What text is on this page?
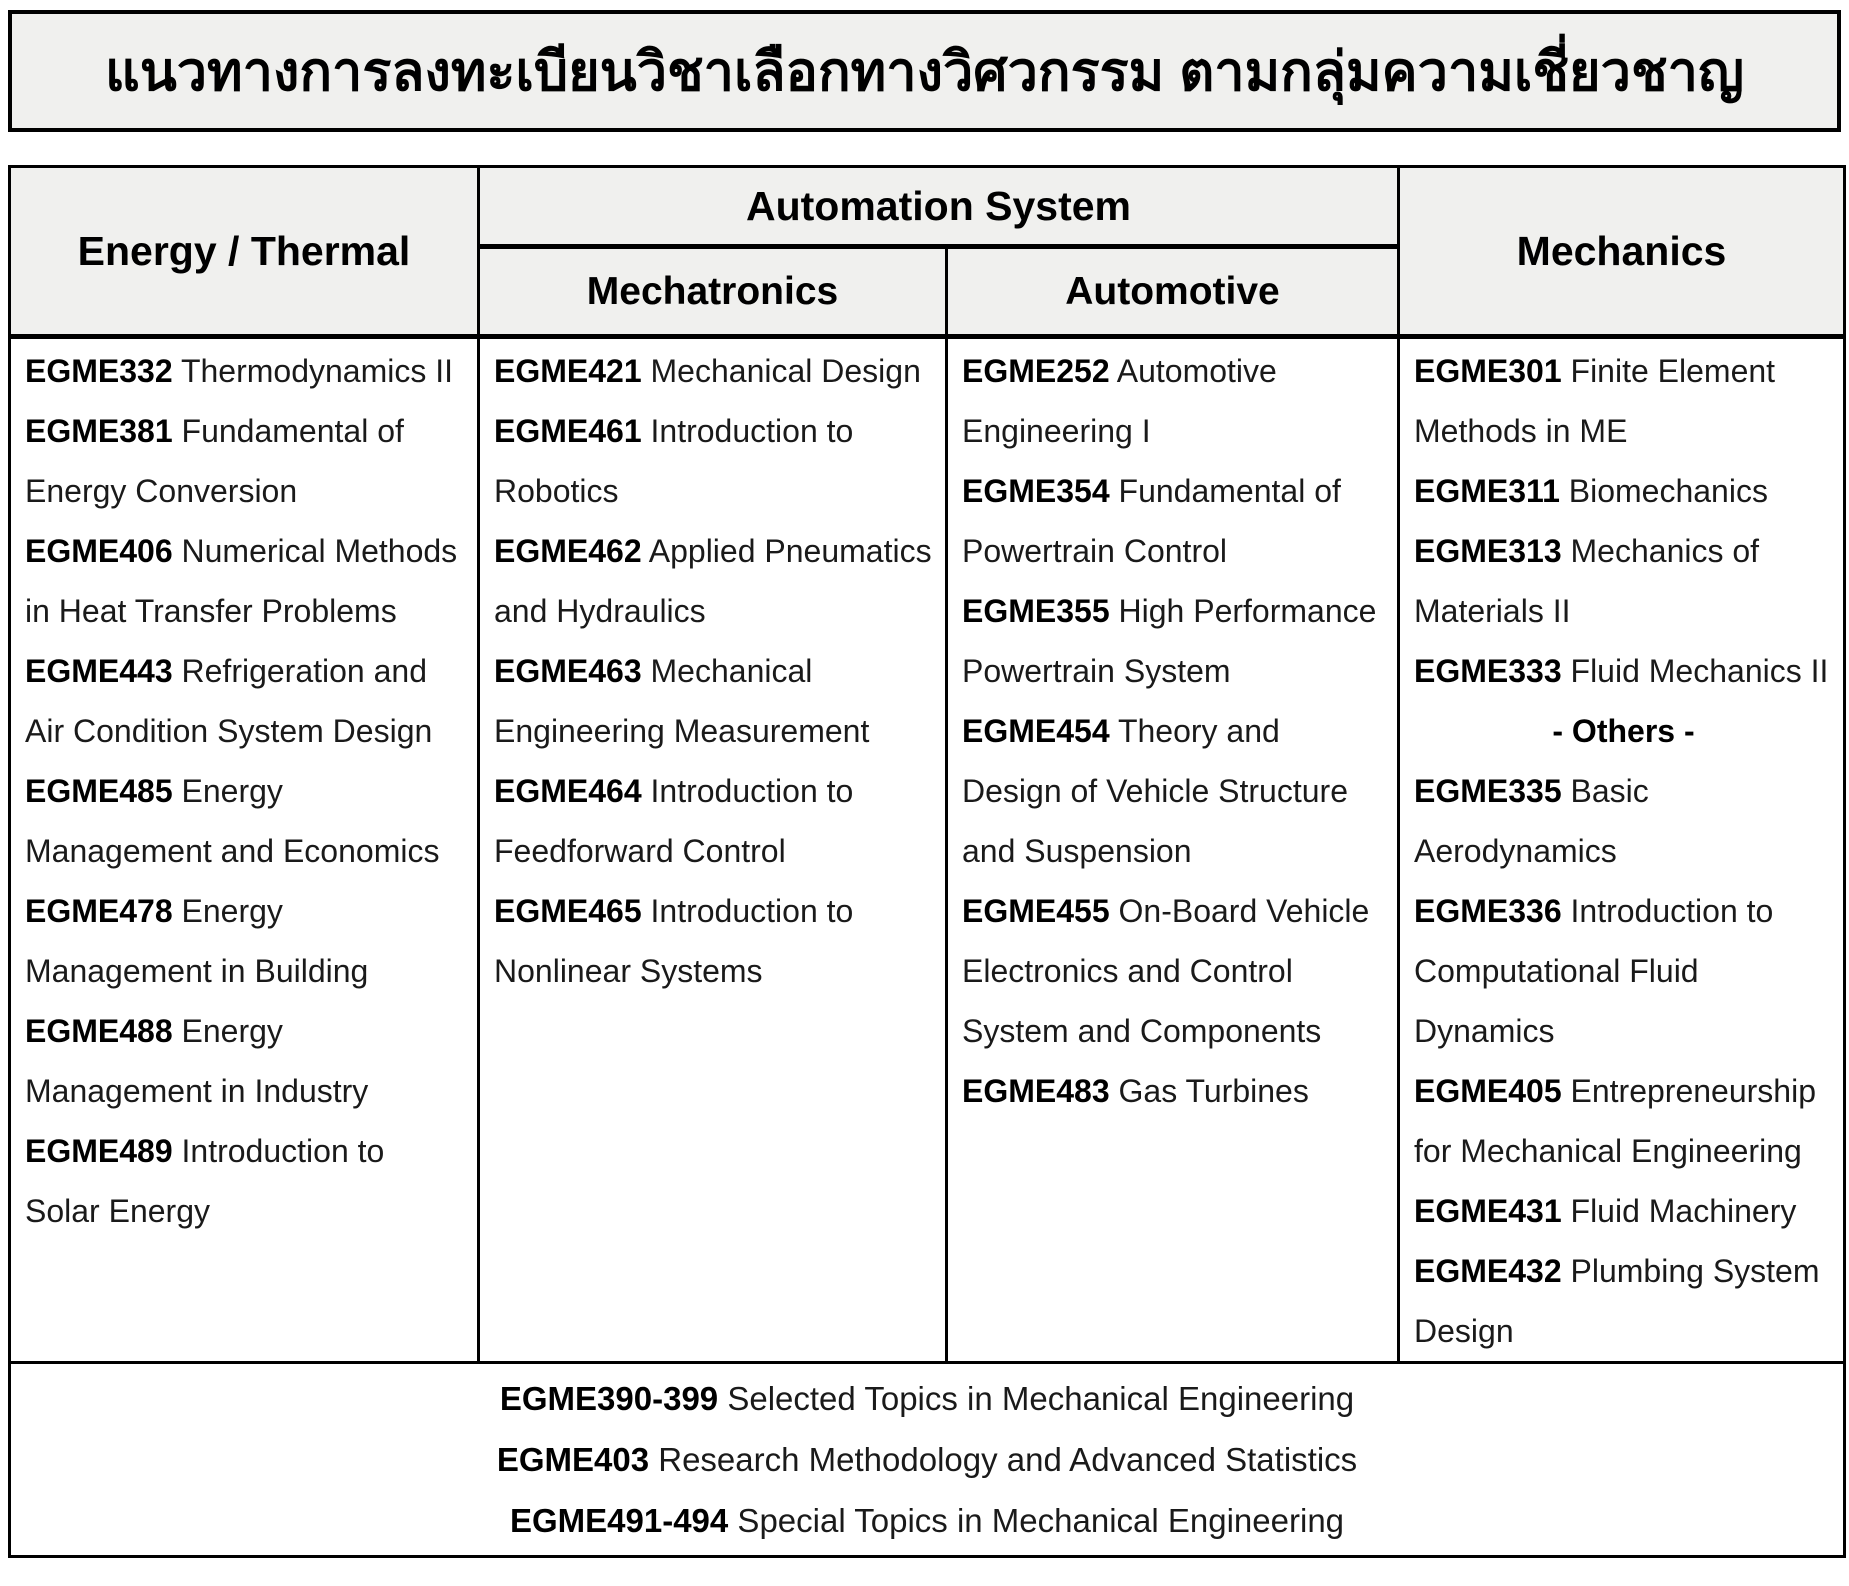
แนวทางการลงทะเบียนวิชาเลือกทางวิศวกรรม ตามกลุ่มความเชี่ยวชาญ
Energy / Thermal	Automation System		Mechanics
	Mechatronics	Automotive	

EGME332 Thermodynamics II
EGME381 Fundamental of Energy Conversion
EGME406 Numerical Methods in Heat Transfer Problems
EGME443 Refrigeration and Air Condition System Design
EGME485 Energy Management and Economics
EGME478 Energy Management in Building
EGME488 Energy Management in Industry
EGME489 Introduction to Solar Energy

EGME421 Mechanical Design
EGME461 Introduction to Robotics
EGME462 Applied Pneumatics and Hydraulics
EGME463 Mechanical Engineering Measurement
EGME464 Introduction to Feedforward Control
EGME465 Introduction to Nonlinear Systems

EGME252 Automotive Engineering I
EGME354 Fundamental of Powertrain Control
EGME355 High Performance Powertrain System
EGME454 Theory and Design of Vehicle Structure and Suspension
EGME455 On-Board Vehicle Electronics and Control System and Components
EGME483 Gas Turbines

EGME301 Finite Element Methods in ME
EGME311 Biomechanics
EGME313 Mechanics of Materials II
EGME333 Fluid Mechanics II
- Others -
EGME335 Basic Aerodynamics
EGME336 Introduction to Computational Fluid Dynamics
EGME405 Entrepreneurship for Mechanical Engineering
EGME431 Fluid Machinery
EGME432 Plumbing System Design

EGME390-399 Selected Topics in Mechanical Engineering
EGME403 Research Methodology and Advanced Statistics
EGME491-494 Special Topics in Mechanical Engineering			
